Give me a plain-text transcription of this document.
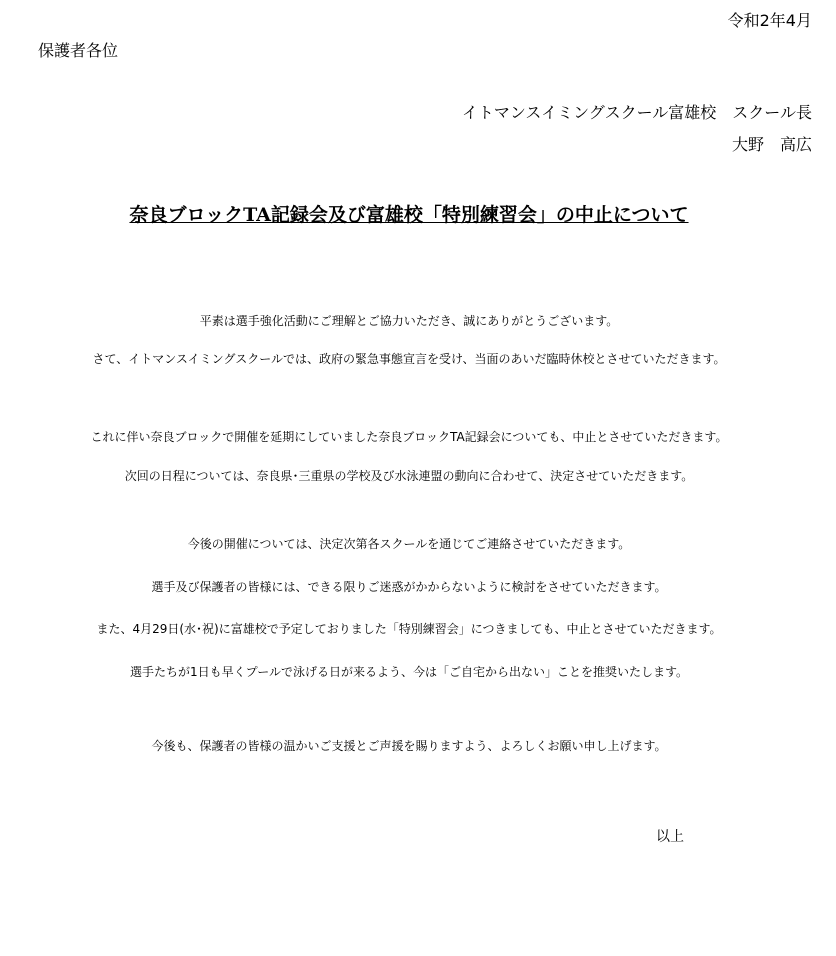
令和2年4月
保護者各位
イトマンスイミングスクール富雄校　スクール長
大野　高広
奈良ブロックTA記録会及び富雄校「特別練習会」の中止について
平素は選手強化活動にご理解とご協力いただき、誠にありがとうございます。
さて、イトマンスイミングスクールでは、政府の緊急事態宣言を受け、当面のあいだ臨時休校とさせていただきます。
これに伴い奈良ブロックで開催を延期にしていました奈良ブロックTA記録会についても、中止とさせていただきます。
次回の日程については、奈良県･三重県の学校及び水泳連盟の動向に合わせて、決定させていただきます。
今後の開催については、決定次第各スクールを通じてご連絡させていただきます。
選手及び保護者の皆様には、できる限りご迷惑がかからないように検討をさせていただきます。
また、4月29日(水･祝)に富雄校で予定しておりました「特別練習会」につきましても、中止とさせていただきます。
選手たちが1日も早くプールで泳げる日が来るよう、今は「ご自宅から出ない」ことを推奨いたします。
今後も、保護者の皆様の温かいご支援とご声援を賜りますよう、よろしくお願い申し上げます。
以上
